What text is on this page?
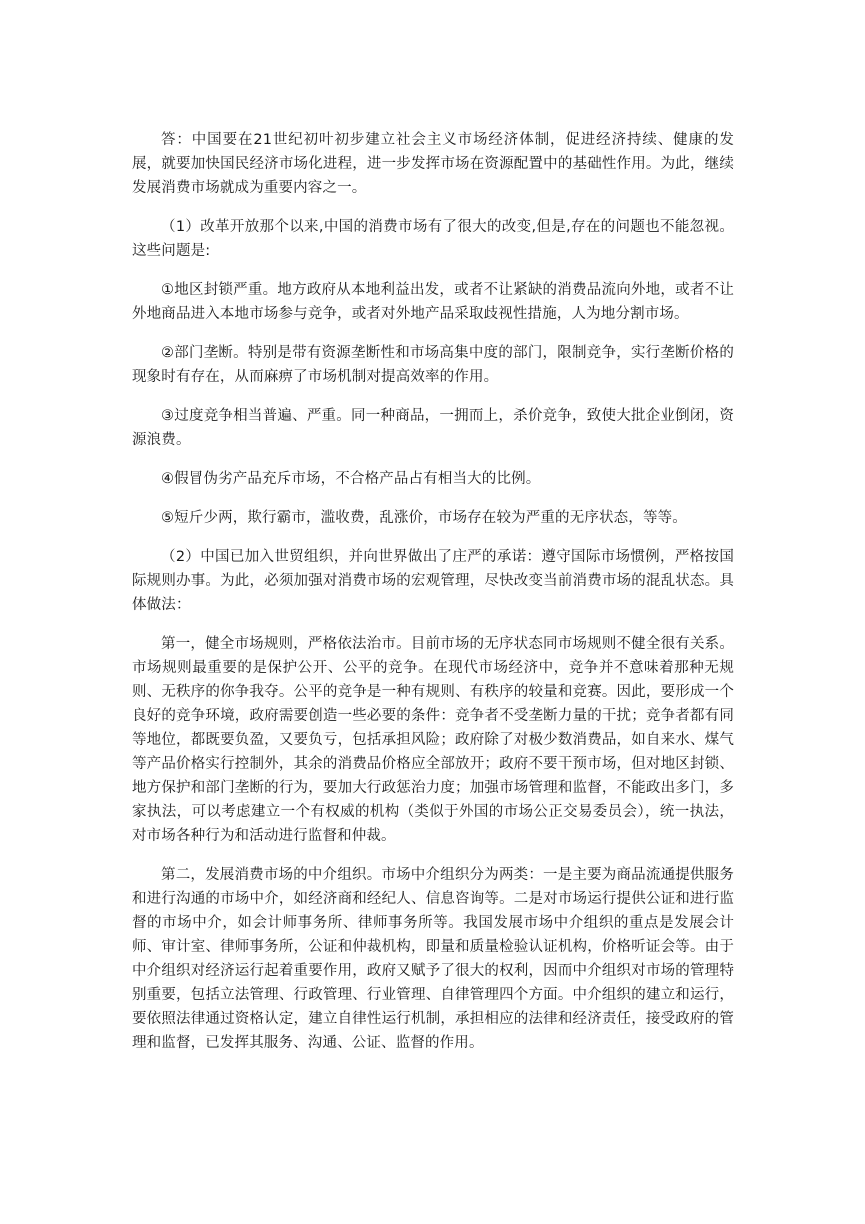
答：中国要在21世纪初叶初步建立社会主义市场经济体制，促进经济持续、健康的发展，就要加快国民经济市场化进程，进一步发挥市场在资源配置中的基础性作用。为此，继续发展消费市场就成为重要内容之一。

（1）改革开放那个以来,中国的消费市场有了很大的改变,但是,存在的问题也不能忽视。这些问题是:

①地区封锁严重。地方政府从本地利益出发，或者不让紧缺的消费品流向外地，或者不让外地商品进入本地市场参与竞争，或者对外地产品采取歧视性措施，人为地分割市场。

②部门垄断。特别是带有资源垄断性和市场高集中度的部门，限制竞争，实行垄断价格的现象时有存在，从而麻痹了市场机制对提高效率的作用。

③过度竞争相当普遍、严重。同一种商品，一拥而上，杀价竞争，致使大批企业倒闭，资源浪费。

④假冒伪劣产品充斥市场，不合格产品占有相当大的比例。

⑤短斤少两，欺行霸市，滥收费，乱涨价，市场存在较为严重的无序状态，等等。

（2）中国已加入世贸组织，并向世界做出了庄严的承诺：遵守国际市场惯例，严格按国际规则办事。为此，必须加强对消费市场的宏观管理，尽快改变当前消费市场的混乱状态。具体做法：

第一，健全市场规则，严格依法治市。目前市场的无序状态同市场规则不健全很有关系。市场规则最重要的是保护公开、公平的竞争。在现代市场经济中，竞争并不意味着那种无规则、无秩序的你争我夺。公平的竞争是一种有规则、有秩序的较量和竞赛。因此，要形成一个良好的竞争环境，政府需要创造一些必要的条件：竞争者不受垄断力量的干扰；竞争者都有同等地位，都既要负盈，又要负亏，包括承担风险；政府除了对极少数消费品，如自来水、煤气等产品价格实行控制外，其余的消费品价格应全部放开；政府不要干预市场，但对地区封锁、地方保护和部门垄断的行为，要加大行政惩治力度；加强市场管理和监督，不能政出多门，多家执法，可以考虑建立一个有权威的机构（类似于外国的市场公正交易委员会），统一执法，对市场各种行为和活动进行监督和仲裁。

第二，发展消费市场的中介组织。市场中介组织分为两类：一是主要为商品流通提供服务和进行沟通的市场中介，如经济商和经纪人、信息咨询等。二是对市场运行提供公证和进行监督的市场中介，如会计师事务所、律师事务所等。我国发展市场中介组织的重点是发展会计师、审计室、律师事务所，公证和仲裁机构，即量和质量检验认证机构，价格听证会等。由于中介组织对经济运行起着重要作用，政府又赋予了很大的权利，因而中介组织对市场的管理特别重要，包括立法管理、行政管理、行业管理、自律管理四个方面。中介组织的建立和运行，要依照法律通过资格认定，建立自律性运行机制，承担相应的法律和经济责任，接受政府的管理和监督，已发挥其服务、沟通、公证、监督的作用。
